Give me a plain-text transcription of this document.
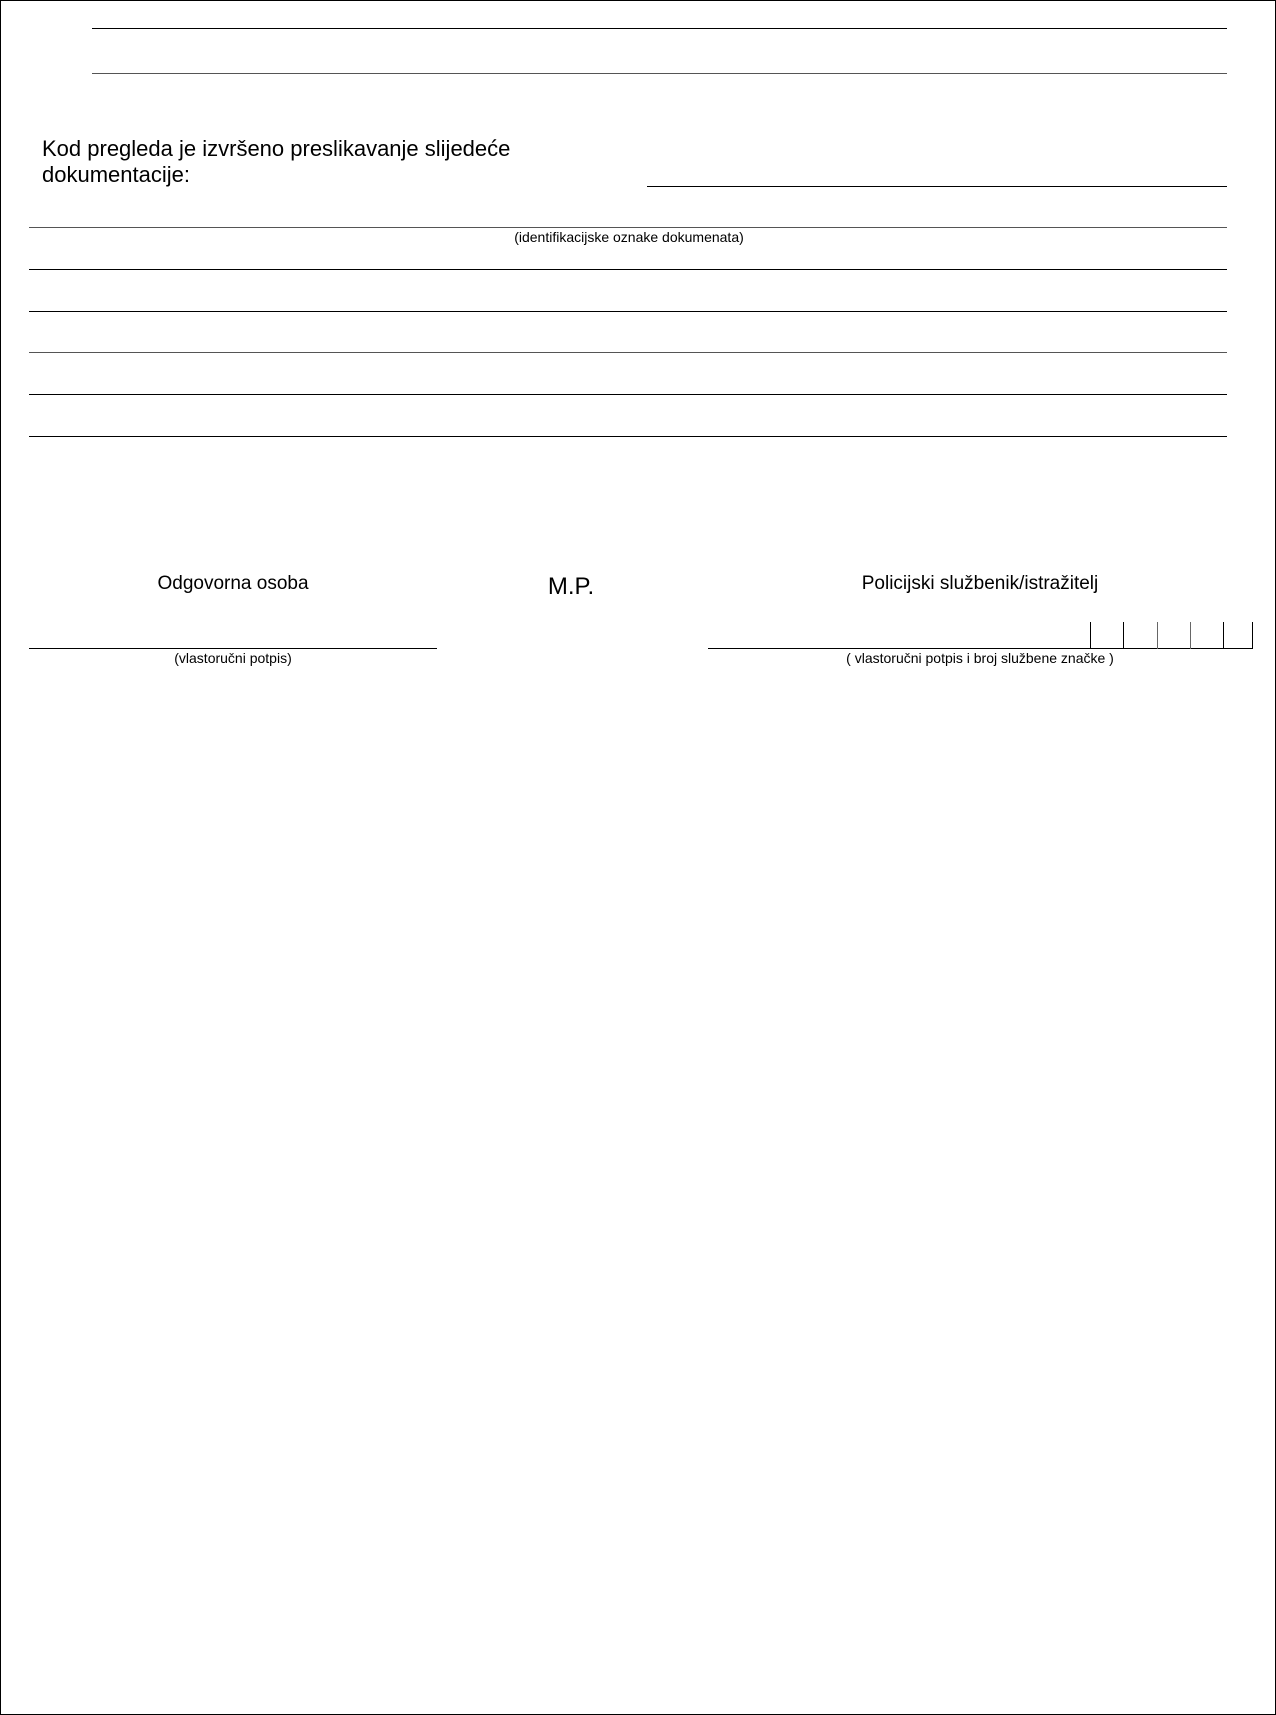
Kod pregleda je izvršeno preslikavanje slijedeće dokumentacije:
(identifikacijske oznake dokumenata)
Odgovorna osoba	M.P.	Policijski službenik/istražitelj
(vlastoručni potpis)	( vlastoručni potpis i broj službene značke )
